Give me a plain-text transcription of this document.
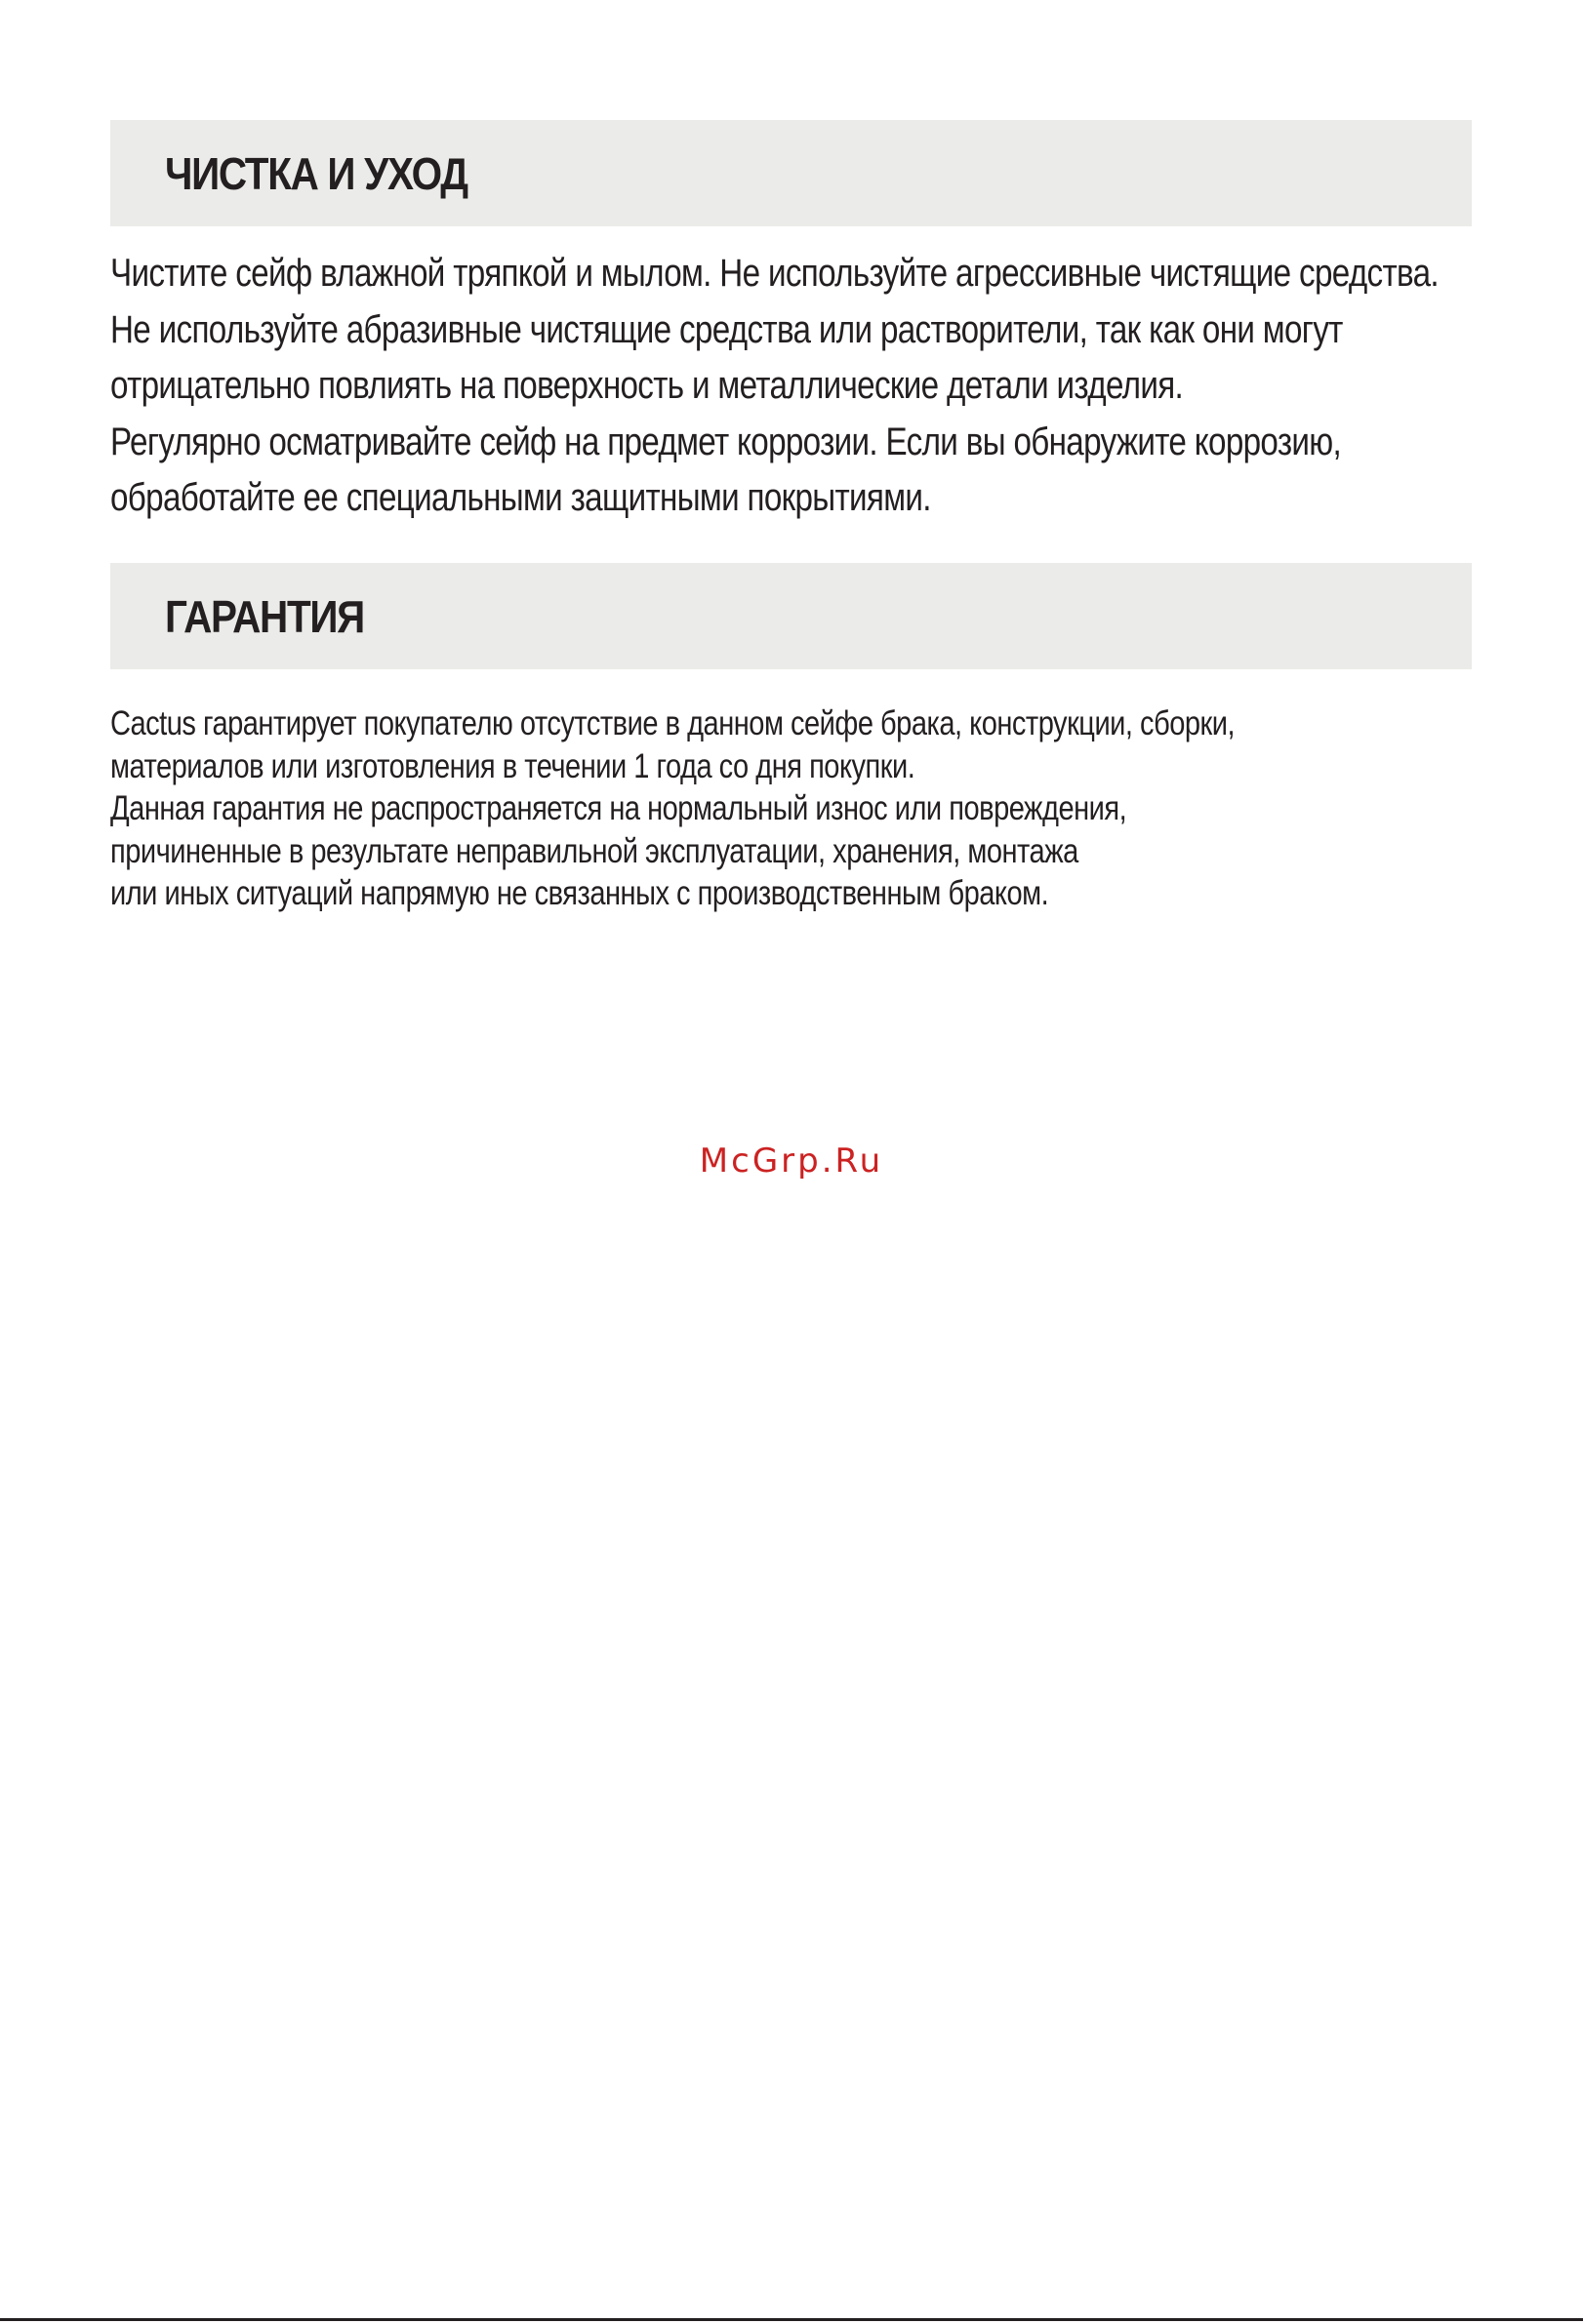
ЧИСТКА И УХОД
Чистите сейф влажной тряпкой и мылом. Не используйте агрессивные чистящие средства.
Не используйте абразивные чистящие средства или растворители, так как они могут
отрицательно повлиять на поверхность и металлические детали изделия.
Регулярно осматривайте сейф на предмет коррозии. Если вы обнаружите коррозию,
обработайте ее специальными защитными покрытиями.
ГАРАНТИЯ
Cactus гарантирует покупателю отсутствие в данном сейфе брака, конструкции, сборки,
материалов или изготовления в течении 1 года со дня покупки.
Данная гарантия не распространяется на нормальный износ или повреждения,
причиненные в результате неправильной эксплуатации, хранения, монтажа
или иных ситуаций напрямую не связанных с производственным браком.
McGrp.Ru
